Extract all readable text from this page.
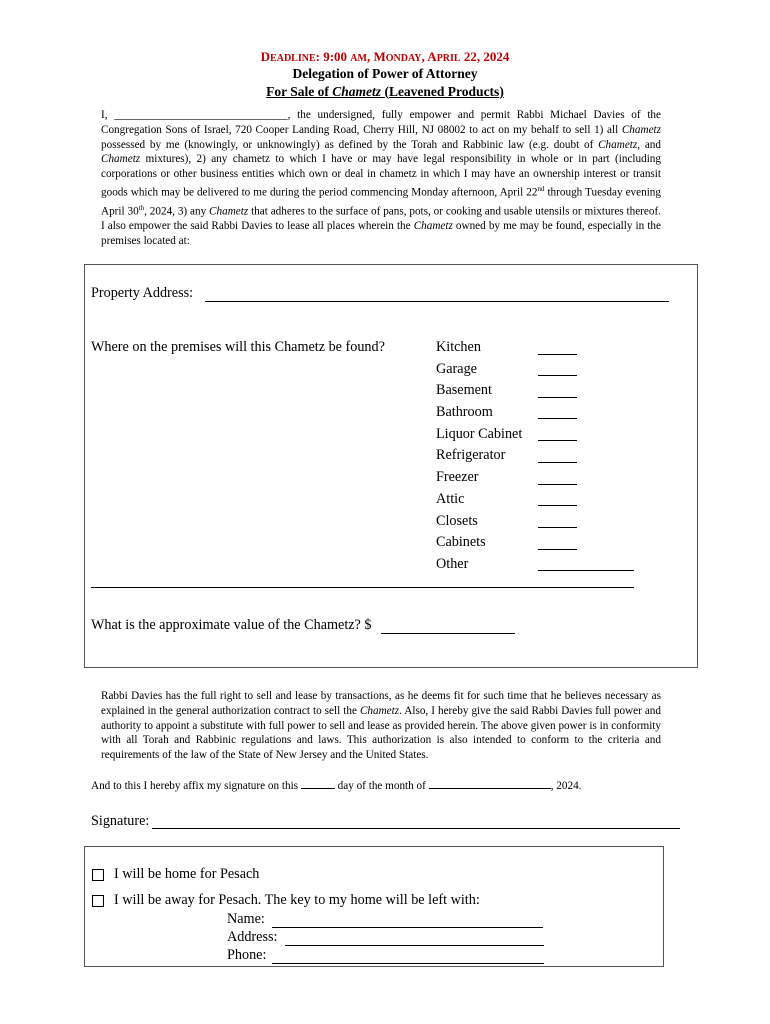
DEADLINE: 9:00 AM, MONDAY, APRIL 22, 2024
Delegation of Power of Attorney
For Sale of Chametz (Leavened Products)
I, _______________________________, the undersigned, fully empower and permit Rabbi Michael Davies of the Congregation Sons of Israel, 720 Cooper Landing Road, Cherry Hill, NJ 08002 to act on my behalf to sell 1) all Chametz possessed by me (knowingly, or unknowingly) as defined by the Torah and Rabbinic law (e.g. doubt of Chametz, and Chametz mixtures), 2) any chametz to which I have or may have legal responsibility in whole or in part (including corporations or other business entities which own or deal in chametz in which I may have an ownership interest or transit goods which may be delivered to me during the period commencing Monday afternoon, April 22nd through Tuesday evening April 30th, 2024, 3) any Chametz that adheres to the surface of pans, pots, or cooking and usable utensils or mixtures thereof. I also empower the said Rabbi Davies to lease all places wherein the Chametz owned by me may be found, especially in the premises located at:
Property Address:
Where on the premises will this Chametz be found?	Kitchen
Garage
Basement
Bathroom
Liquor Cabinet
Refrigerator
Freezer
Attic
Closets
Cabinets
Other
What is the approximate value of the Chametz? $
Rabbi Davies has the full right to sell and lease by transactions, as he deems fit for such time that he believes necessary as explained in the general authorization contract to sell the Chametz. Also, I hereby give the said Rabbi Davies full power and authority to appoint a substitute with full power to sell and lease as provided herein. The above given power is in conformity with all Torah and Rabbinic regulations and laws. This authorization is also intended to conform to the criteria and requirements of the law of the State of New Jersey and the United States.
And to this I hereby affix my signature on this	day of the month of	, 2024.
Signature:
I will be home for Pesach
I will be away for Pesach. The key to my home will be left with:
Name:
Address:
Phone:
